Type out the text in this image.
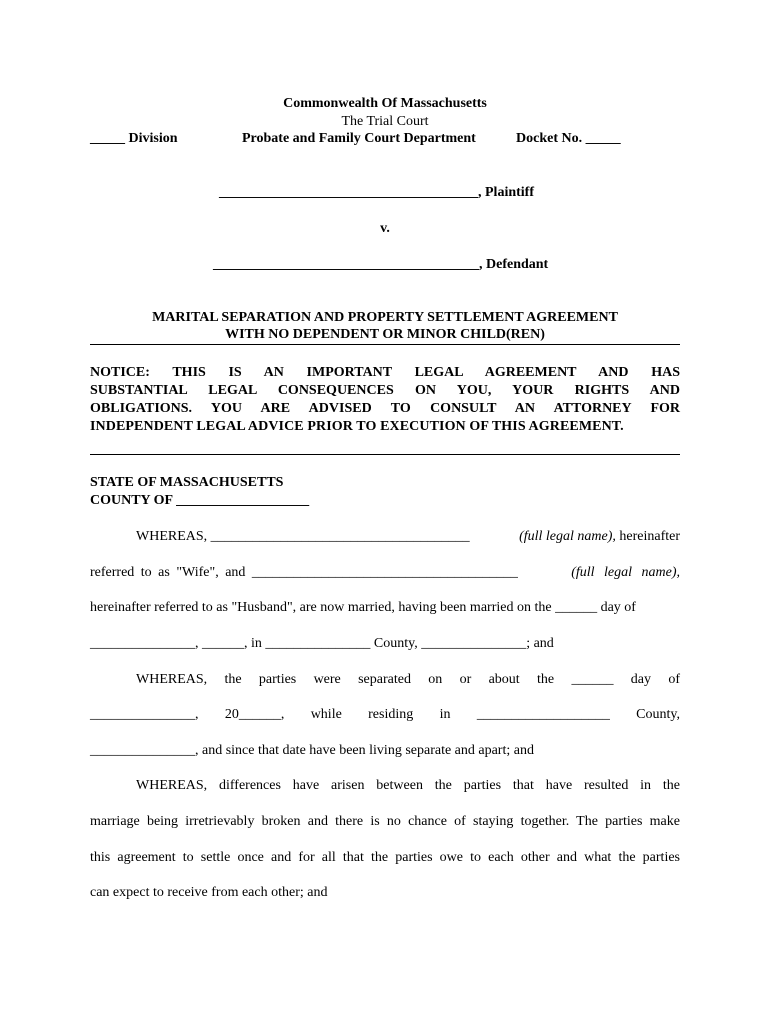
Commonwealth Of Massachusetts
The Trial Court
_____ Division	Probate and Family Court Department	Docket No. _____
_____________________________________, Plaintiff
v.
______________________________________, Defendant
MARITAL SEPARATION AND PROPERTY SETTLEMENT AGREEMENT
WITH NO DEPENDENT OR MINOR CHILD(REN)
NOTICE: THIS IS AN IMPORTANT LEGAL AGREEMENT AND HAS
SUBSTANTIAL LEGAL CONSEQUENCES ON YOU, YOUR RIGHTS AND
OBLIGATIONS. YOU ARE ADVISED TO CONSULT AN ATTORNEY FOR
INDEPENDENT LEGAL ADVICE PRIOR TO EXECUTION OF THIS AGREEMENT.
STATE OF MASSACHUSETTS
COUNTY OF ___________________
WHEREAS, _____________________________________	(full legal name), hereinafter
referred to as "Wife", and ______________________________________	(full legal name),
hereinafter referred to as "Husband", are now married, having been married on the ______ day of
_______________, ______, in _______________ County, _______________; and
WHEREAS, the parties were separated on or about the ______ day of
_______________, 20______, while residing in ___________________ County,
_______________, and since that date have been living separate and apart; and
WHEREAS, differences have arisen between the parties that have resulted in the
marriage being irretrievably broken and there is no chance of staying together. The parties make
this agreement to settle once and for all that the parties owe to each other and what the parties
can expect to receive from each other; and
